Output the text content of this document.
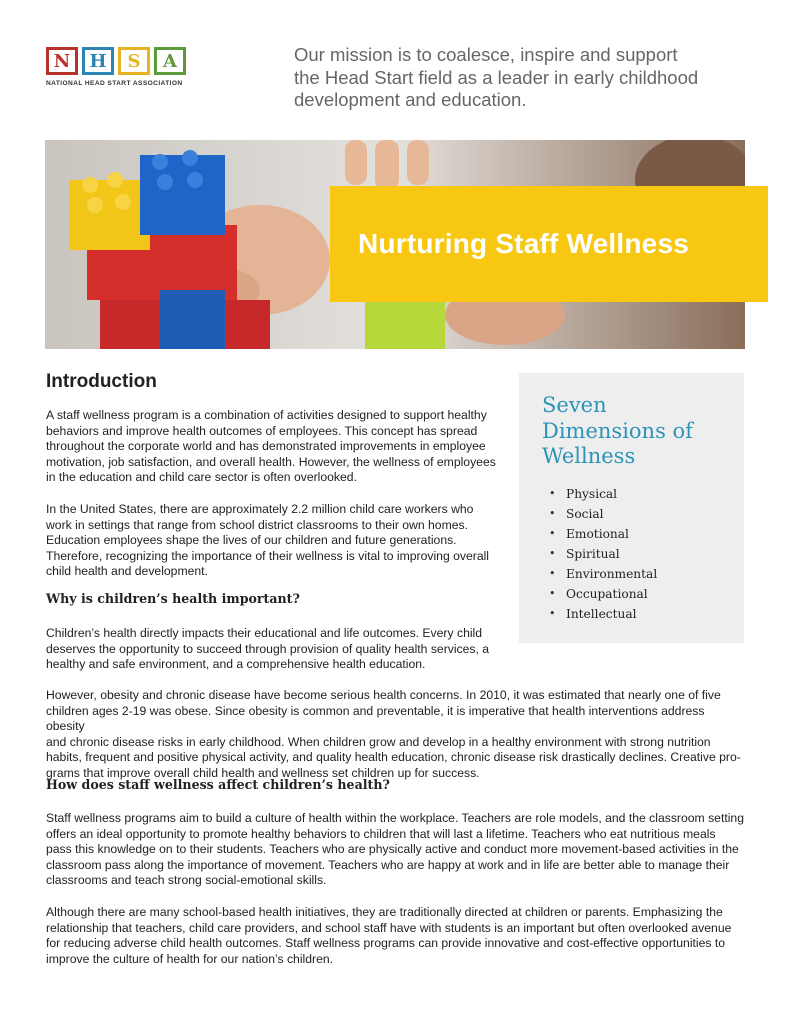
N	H	S	A
NATIONAL HEAD START ASSOCIATION
Our mission is to coalesce, inspire and support
the Head Start field as a leader in early childhood
development and education.
Nurturing Staff Wellness
Introduction
A staff wellness program is a combination of activities designed to support healthy
behaviors and improve health outcomes of employees. This concept has spread
throughout the corporate world and has demonstrated improvements in employee
motivation, job satisfaction, and overall health. However, the wellness of employees
in the education and child care sector is often overlooked.
In the United States, there are approximately 2.2 million child care workers who
work in settings that range from school district classrooms to their own homes.
Education employees shape the lives of our children and future generations.
Therefore, recognizing the importance of their wellness is vital to improving overall
child health and development.
Why is children’s health important?
Children’s health directly impacts their educational and life outcomes. Every child
deserves the opportunity to succeed through provision of quality health services, a
healthy and safe environment, and a comprehensive health education.
However, obesity and chronic disease have become serious health concerns. In 2010, it was estimated that nearly one of five
children ages 2-19 was obese. Since obesity is common and preventable, it is imperative that health interventions address obesity
and chronic disease risks in early childhood. When children grow and develop in a healthy environment with strong nutrition
habits, frequent and positive physical activity, and quality health education, chronic disease risk drastically declines. Creative pro-
grams that improve overall child health and wellness set children up for success.
How does staff wellness affect children’s health?
Staff wellness programs aim to build a culture of health within the workplace. Teachers are role models, and the classroom setting
offers an ideal opportunity to promote healthy behaviors to children that will last a lifetime. Teachers who eat nutritious meals
pass this knowledge on to their students. Teachers who are physically active and conduct more movement-based activities in the
classroom pass along the importance of movement. Teachers who are happy at work and in life are better able to manage their
classrooms and teach strong social-emotional skills.
Although there are many school-based health initiatives, they are traditionally directed at children or parents. Emphasizing the
relationship that teachers, child care providers, and school staff have with students is an important but often overlooked avenue
for reducing adverse child health outcomes. Staff wellness programs can provide innovative and cost-effective opportunities to
improve the culture of health for our nation’s children.
Seven
Dimensions of
Wellness
• Physical
• Social
• Emotional
• Spiritual
• Environmental
• Occupational
• Intellectual
